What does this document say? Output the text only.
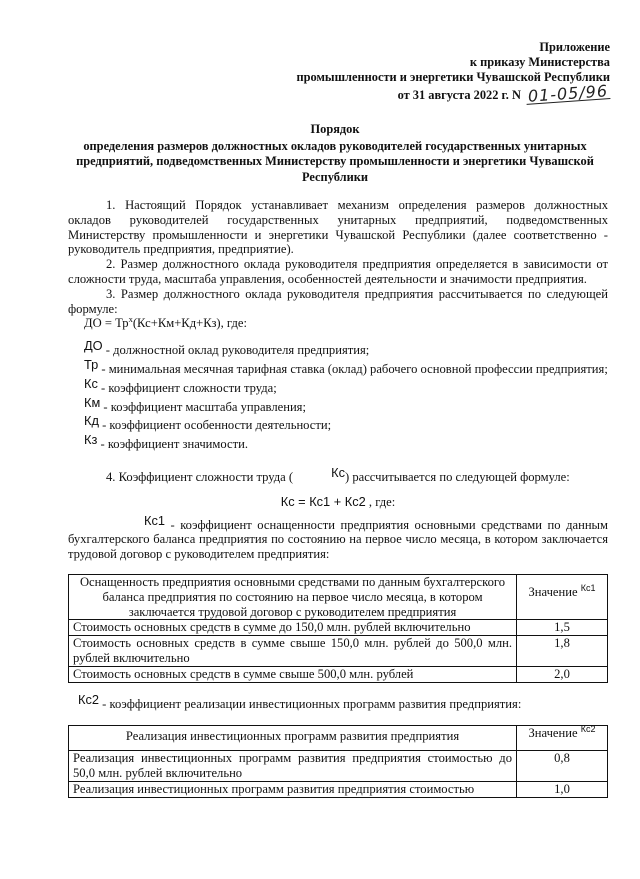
Приложение
к приказу Министерства
промышленности и энергетики Чувашской Республики
от 31 августа 2022 г. N 01-05/96
Порядок
определения размеров должностных окладов руководителей государственных унитарных предприятий, подведомственных Министерству промышленности и энергетики Чувашской Республики

1. Настоящий Порядок устанавливает механизм определения размеров должностных окладов руководителей государственных унитарных предприятий, подведомственных Министерству промышленности и энергетики Чувашской Республики (далее соответственно - руководитель предприятия, предприятие).

2. Размер должностного оклада руководителя предприятия определяется в зависимости от сложности труда, масштаба управления, особенностей деятельности и значимости предприятия.

3. Размер должностного оклада руководителя предприятия рассчитывается по следующей формуле:

ДО = $Тр^х(Кс+Км+Кд+Кз)$, где:
ДО - должностной оклад руководителя предприятия;
Тр - минимальная месячная тарифная ставка (оклад) рабочего основной профессии предприятия;
Кс - коэффициент сложности труда;
Км - коэффициент масштаба управления;
Кд - коэффициент особенности деятельности;
Кз - коэффициент значимости.

4. Коэффициент сложности труда (	Кс) рассчитывается по следующей формуле:

Кс = Кс1 + Кс2 , где:
Кс1 - коэффициент оснащенности предприятия основными средствами по данным бухгалтерского баланса предприятия по состоянию на первое число месяца, в котором заключается трудовой договор с руководителем предприятия:
Оснащенность предприятия основными средствами по данным бухгалтерского баланса предприятия по состоянию на первое число месяца, в котором заключается трудовой договор с руководителем предприятия	Значение $^{Кс1}$
Стоимость основных средств в сумме до 150,0 млн. рублей включительно	1,5
Стоимость основных средств в сумме свыше 150,0 млн. рублей до 500,0 млн. рублей включительно	1,8
Стоимость основных средств в сумме свыше 500,0 млн. рублей	2,0
Кс2 - коэффициент реализации инвестиционных программ развития предприятия:
Реализация инвестиционных программ развития предприятия	Значение $^{Кс2}$
Реализация инвестиционных программ развития предприятия стоимостью до 50,0 млн. рублей включительно	0,8
Реализация инвестиционных программ развития предприятия стоимостью	1,0
